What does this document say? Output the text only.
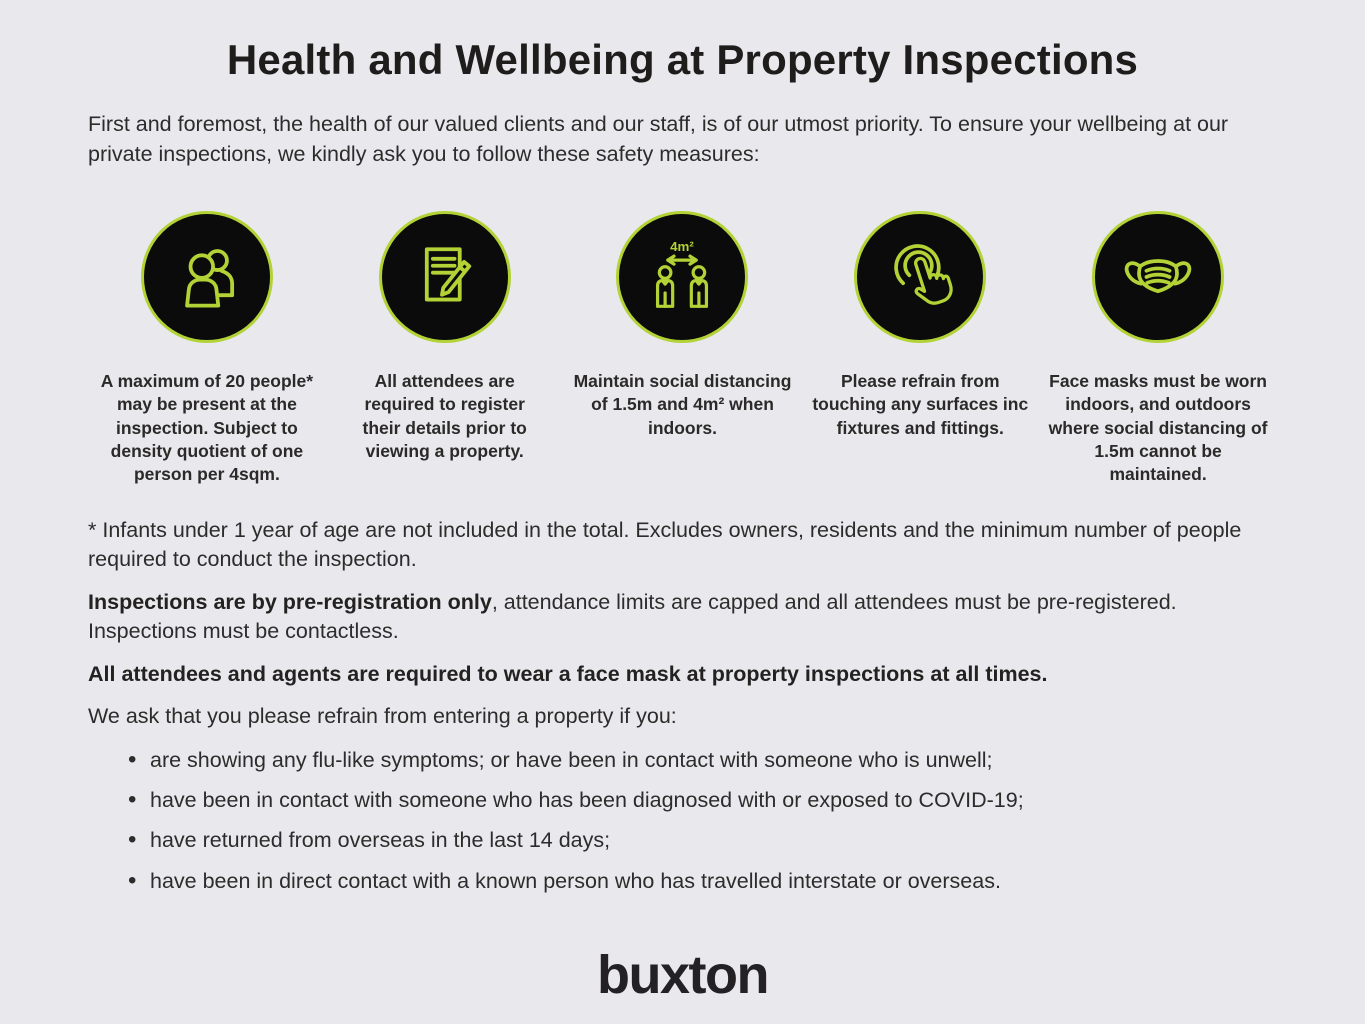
Health and Wellbeing at Property Inspections

First and foremost, the health of our valued clients and our staff, is of our utmost priority. To ensure your wellbeing at our private inspections, we kindly ask you to follow these safety measures:

A maximum of 20 people* may be present at the inspection. Subject to density quotient of one person per 4sqm.
All attendees are required to register their details prior to viewing a property.
4m²
Maintain social distancing of 1.5m and 4m² when indoors.
Please refrain from touching any surfaces inc fixtures and fittings.
Face masks must be worn indoors, and outdoors where social distancing of 1.5m cannot be maintained.

* Infants under 1 year of age are not included in the total. Excludes owners, residents and the minimum number of people required to conduct the inspection.

Inspections are by pre-registration only, attendance limits are capped and all attendees must be pre-registered. Inspections must be contactless.

All attendees and agents are required to wear a face mask at property inspections at all times.

We ask that you please refrain from entering a property if you:

• are showing any flu-like symptoms; or have been in contact with someone who is unwell;
• have been in contact with someone who has been diagnosed with or exposed to COVID-19;
• have returned from overseas in the last 14 days;
• have been in direct contact with a known person who has travelled interstate or overseas.
buxton
